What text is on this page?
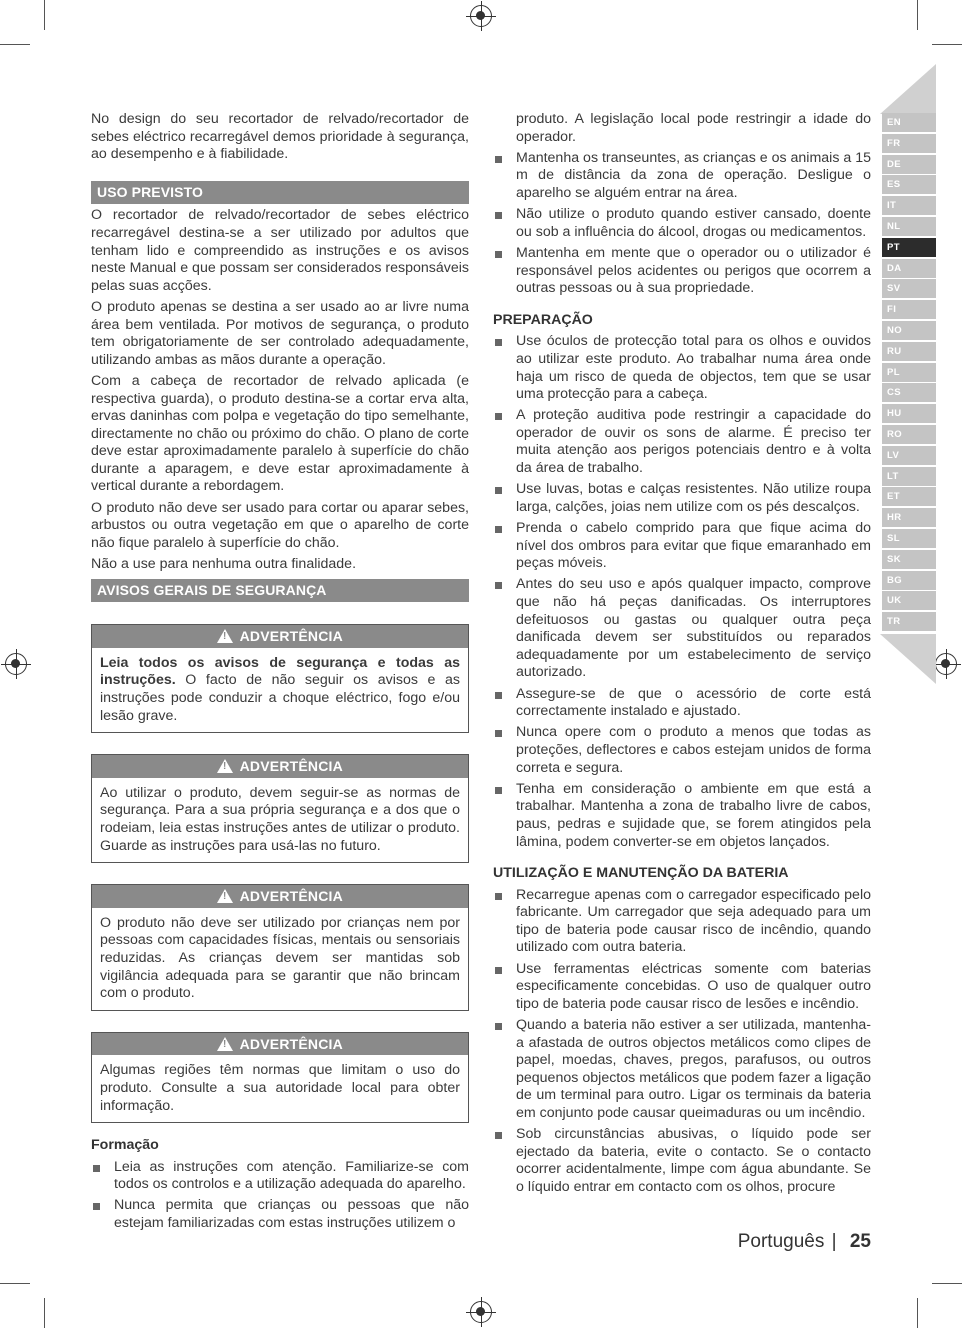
No design do seu recortador de relvado/recortador de sebes eléctrico recarregável demos prioridade à segurança, ao desempenho e à fiabilidade.

USO PREVISTO

O recortador de relvado/recortador de sebes eléctrico recarregável destina-se a ser utilizado por adultos que tenham lido e compreendido as instruções e os avisos neste Manual e que possam ser considerados responsáveis pelas suas acções.

O produto apenas se destina a ser usado ao ar livre numa área bem ventilada. Por motivos de segurança, o produto tem obrigatoriamente de ser controlado adequadamente, utilizando ambas as mãos durante a operação.

Com a cabeça de recortador de relvado aplicada (e respectiva guarda), o produto destina-se a cortar erva alta, ervas daninhas com polpa e vegetação do tipo semelhante, directamente no chão ou próximo do chão. O plano de corte deve estar aproximadamente paralelo à superfície do chão durante a aparagem, e deve estar aproximadamente à vertical durante a rebordagem.

O produto não deve ser usado para cortar ou aparar sebes, arbustos ou outra vegetação em que o aparelho de corte não fique paralelo à superfície do chão.

Não a use para nenhuma outra finalidade.

AVISOS GERAIS DE SEGURANÇA
! ADVERTÊNCIA
Leia todos os avisos de segurança e todas as instruções. O facto de não seguir os avisos e as instruções pode conduzir a choque eléctrico, fogo e/ou lesão grave.
! ADVERTÊNCIA
Ao utilizar o produto, devem seguir-se as normas de segurança. Para a sua própria segurança e a dos que o rodeiam, leia estas instruções antes de utilizar o produto. Guarde as instruções para usá-las no futuro.
! ADVERTÊNCIA
O produto não deve ser utilizado por crianças nem por pessoas com capacidades físicas, mentais ou sensoriais reduzidas. As crianças devem ser mantidas sob vigilância adequada para se garantir que não brincam com o produto.
! ADVERTÊNCIA
Algumas regiões têm normas que limitam o uso do produto. Consulte a sua autoridade local para obter informação.
Formação
Leia as instruções com atenção. Familiarize-se com todos os controlos e a utilização adequada do aparelho.
Nunca permita que crianças ou pessoas que não estejam familiarizadas com estas instruções utilizem o

produto. A legislação local pode restringir a idade do operador.

Mantenha os transeuntes, as crianças e os animais a 15 m de distância da zona de operação. Desligue o aparelho se alguém entrar na área.
Não utilize o produto quando estiver cansado, doente ou sob a influência do álcool, drogas ou medicamentos.
Mantenha em mente que o operador ou o utilizador é responsável pelos acidentes ou perigos que ocorrem a outras pessoas ou à sua propriedade.
PREPARAÇÃO
Use óculos de protecção total para os olhos e ouvidos ao utilizar este produto. Ao trabalhar numa área onde haja um risco de queda de objectos, tem que se usar uma protecção para a cabeça.
A proteção auditiva pode restringir a capacidade do operador de ouvir os sons de alarme. É preciso ter muita atenção aos perigos potenciais dentro e à volta da área de trabalho.
Use luvas, botas e calças resistentes. Não utilize roupa larga, calções, joias nem utilize com os pés descalços.
Prenda o cabelo comprido para que fique acima do nível dos ombros para evitar que fique emaranhado em peças móveis.
Antes do seu uso e após qualquer impacto, comprove que não há peças danificadas. Os interruptores defeituosos ou gastas ou qualquer outra peça danificada devem ser substituídos ou reparados adequadamente por um estabelecimento de serviço autorizado.
Assegure-se de que o acessório de corte está correctamente instalado e ajustado.
Nunca opere com o produto a menos que todas as proteções, deflectores e cabos estejam unidos de forma correta e segura.
Tenha em consideração o ambiente em que está a trabalhar. Mantenha a zona de trabalho livre de cabos, paus, pedras e sujidade que, se forem atingidos pela lâmina, podem converter-se em objetos lançados.
UTILIZAÇÃO E MANUTENÇÃO DA BATERIA
Recarregue apenas com o carregador especificado pelo fabricante. Um carregador que seja adequado para um tipo de bateria pode causar risco de incêndio, quando utilizado com outra bateria.
Use ferramentas eléctricas somente com baterias especificamente concebidas. O uso de qualquer outro tipo de bateria pode causar risco de lesões e incêndio.
Quando a bateria não estiver a ser utilizada, mantenha-a afastada de outros objectos metálicos como clipes de papel, moedas, chaves, pregos, parafusos, ou outros pequenos objectos metálicos que podem fazer a ligação de um terminal para outro. Ligar os terminais da bateria em conjunto pode causar queimaduras ou um incêndio.
Sob circunstâncias abusivas, o líquido pode ser ejectado da bateria, evite o contacto. Se o contacto ocorrer acidentalmente, limpe com água abundante. Se o líquido entrar em contacto com os olhos, procure
EN
FR
DE
ES
IT
NL
PT
DA
SV
FI
NO
RU
PL
CS
HU
RO
LV
LT
ET
HR
SL
SK
BG
UK
TR
Português | 25
